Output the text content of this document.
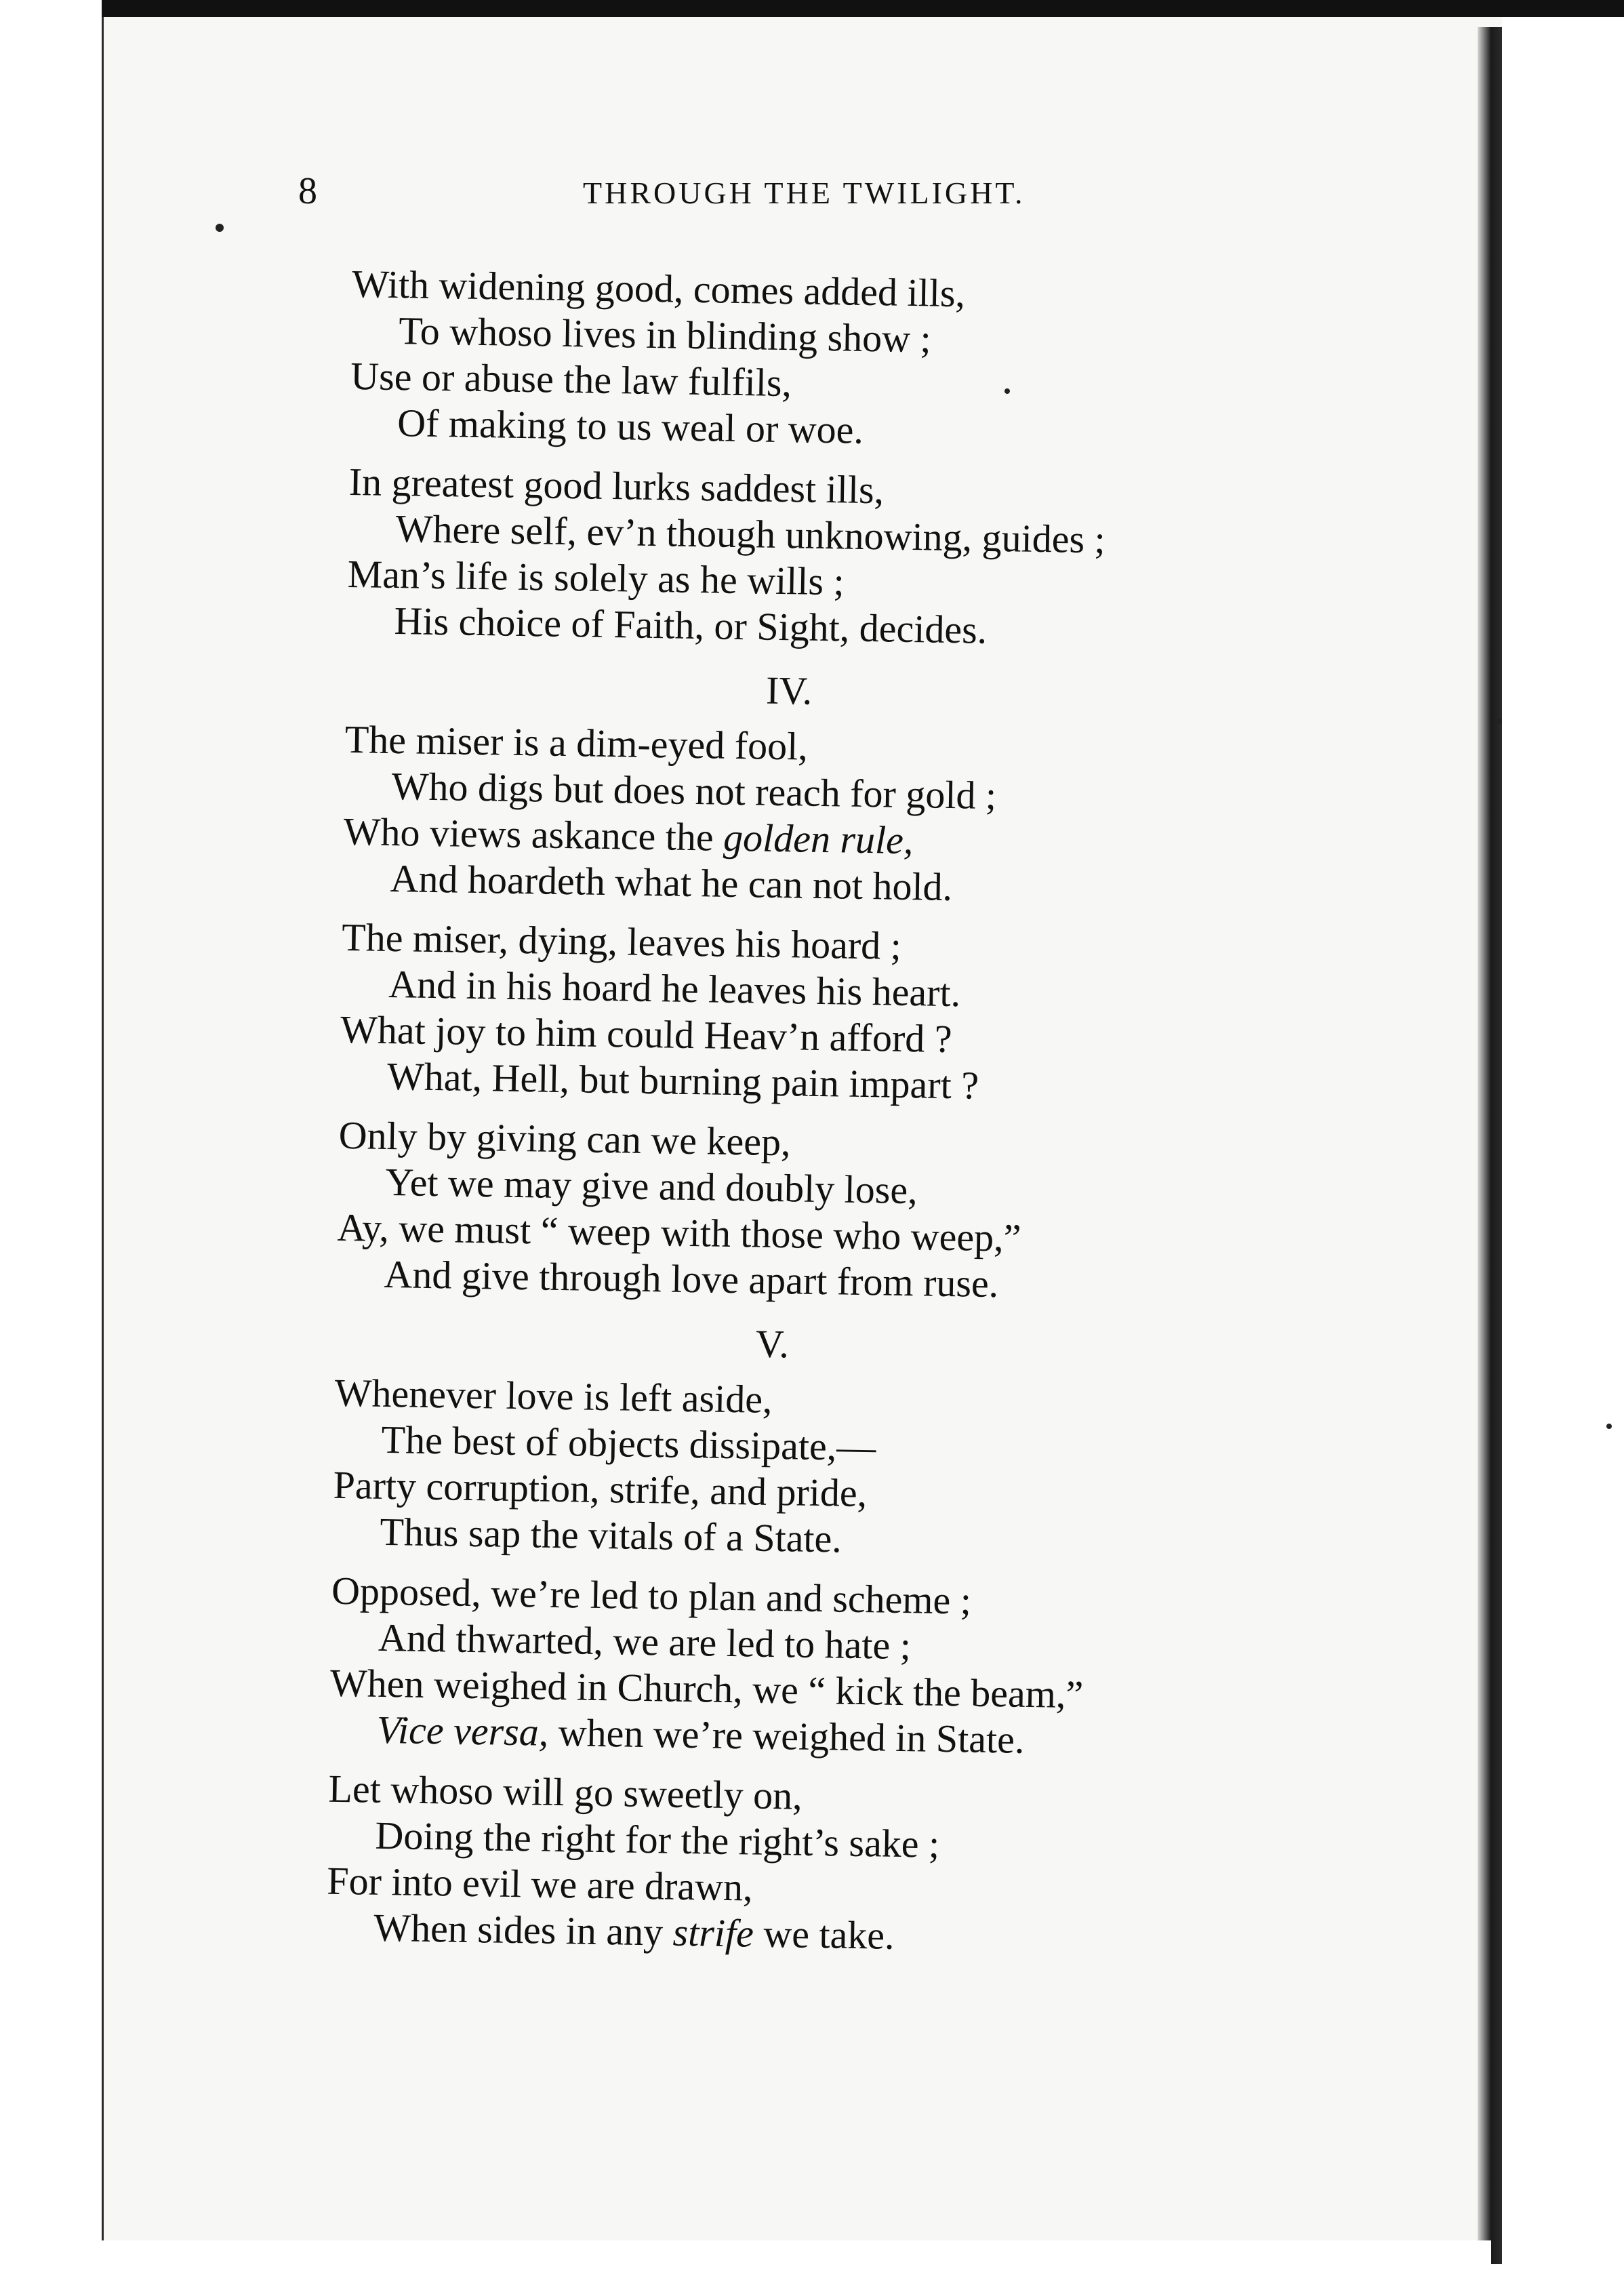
8	THROUGH THE TWILIGHT.
With widening good, comes added ills,
To whoso lives in blinding show ;
Use or abuse the law fulfils,
Of making to us weal or woe.
In greatest good lurks saddest ills,
Where self, ev’n though unknowing, guides ;
Man’s life is solely as he wills ;
His choice of Faith, or Sight, decides.
IV.
The miser is a dim-eyed fool,
Who digs but does not reach for gold ;
Who views askance the golden rule,
And hoardeth what he can not hold.
The miser, dying, leaves his hoard ;
And in his hoard he leaves his heart.
What joy to him could Heav’n afford ?
What, Hell, but burning pain impart ?
Only by giving can we keep,
Yet we may give and doubly lose,
Ay, we must “ weep with those who weep,”
And give through love apart from ruse.
V.
Whenever love is left aside,
The best of objects dissipate,—
Party corruption, strife, and pride,
Thus sap the vitals of a State.
Opposed, we’re led to plan and scheme ;
And thwarted, we are led to hate ;
When weighed in Church, we “ kick the beam,”
Vice versa, when we’re weighed in State.
Let whoso will go sweetly on,
Doing the right for the right’s sake ;
For into evil we are drawn,
When sides in any strife we take.
